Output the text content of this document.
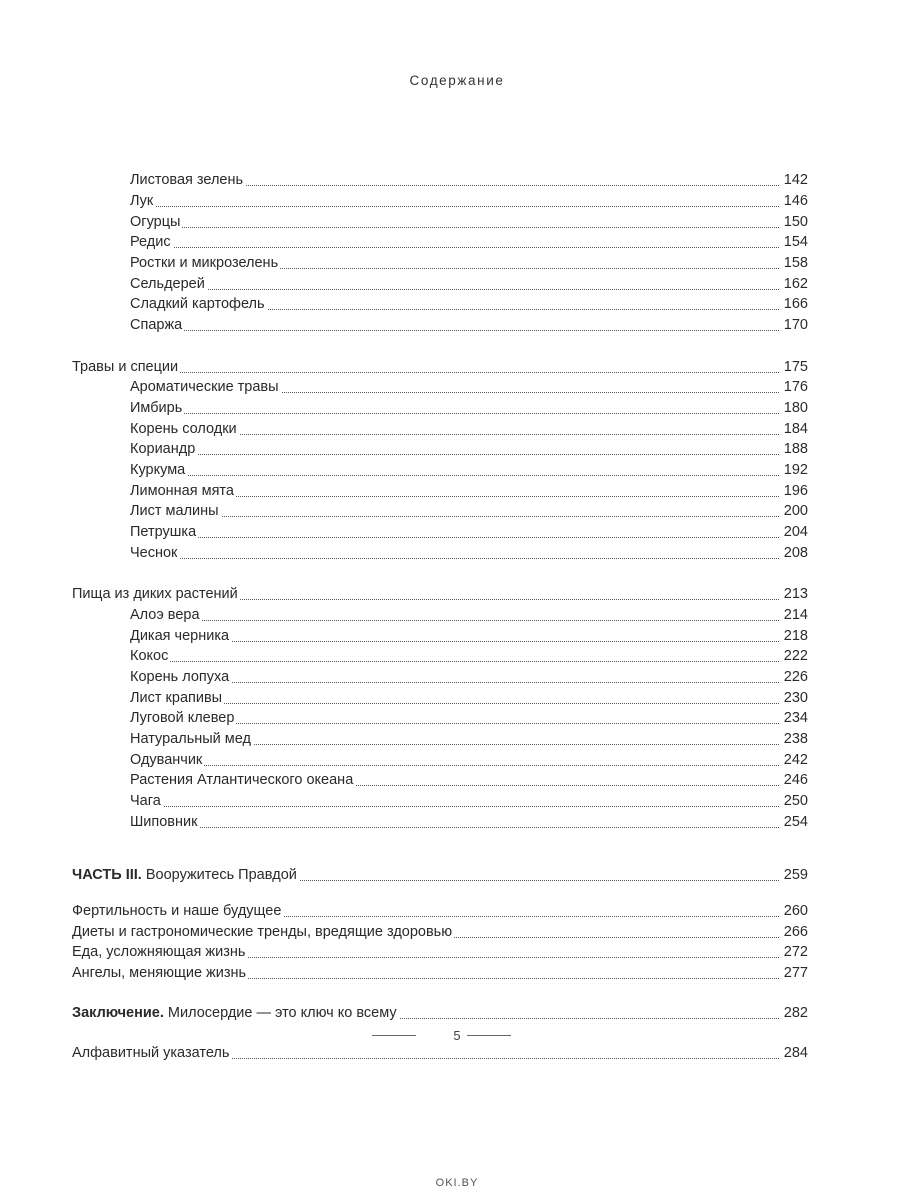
Содержание
Листовая зелень	142
Лук	146
Огурцы	150
Редис	154
Ростки и микрозелень	158
Сельдерей	162
Сладкий картофель	166
Спаржа	170
Травы и специи	175
Ароматические травы	176
Имбирь	180
Корень солодки	184
Кориандр	188
Куркума	192
Лимонная мята	196
Лист малины	200
Петрушка	204
Чеснок	208
Пища из диких растений	213
Алоэ вера	214
Дикая черника	218
Кокос	222
Корень лопуха	226
Лист крапивы	230
Луговой клевер	234
Натуральный мед	238
Одуванчик	242
Растения Атлантического океана	246
Чага	250
Шиповник	254
ЧАСТЬ III. Вооружитесь Правдой	259
Фертильность и наше будущее	260
Диеты и гастрономические тренды, вредящие здоровью	266
Еда, усложняющая жизнь	272
Ангелы, меняющие жизнь	277
Заключение. Милосердие — это ключ ко всему	282
Алфавитный указатель	284
5
OKI.BY
